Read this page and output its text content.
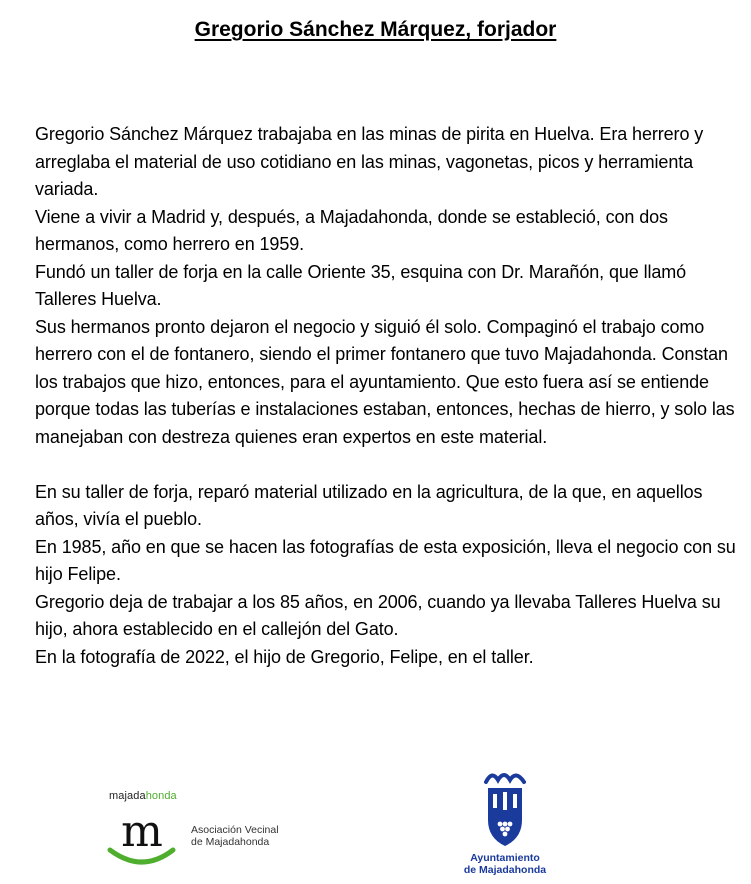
Gregorio Sánchez Márquez, forjador

Gregorio Sánchez Márquez trabajaba en las minas de pirita en Huelva. Era herrero y arreglaba el material de uso cotidiano en las minas, vagonetas, picos y herramienta variada.

Viene a vivir a Madrid y, después, a Majadahonda, donde se estableció, con dos hermanos, como herrero en 1959.

Fundó un taller de forja en la calle Oriente 35, esquina con Dr. Marañón, que llamó Talleres Huelva.

Sus hermanos pronto dejaron el negocio y siguió él solo. Compaginó el trabajo como herrero con el de fontanero, siendo el primer fontanero que tuvo Majadahonda. Constan los trabajos que hizo, entonces, para el ayuntamiento. Que esto fuera así se entiende porque todas las tuberías e instalaciones estaban, entonces, hechas de hierro, y solo las manejaban con destreza quienes eran expertos en este material.

En su taller de forja, reparó material utilizado en la agricultura, de la que, en aquellos años, vivía el pueblo.

En 1985, año en que se hacen las fotografías de esta exposición, lleva el negocio con su hijo Felipe.

Gregorio deja de trabajar a los 85 años, en 2006, cuando ya llevaba Talleres Huelva su hijo, ahora establecido en el callejón del Gato.

En la fotografía de 2022, el hijo de Gregorio, Felipe, en el taller.

majadahonda
m	Asociación Vecinal
de Majadahonda
Ayuntamiento
de Majadahonda
